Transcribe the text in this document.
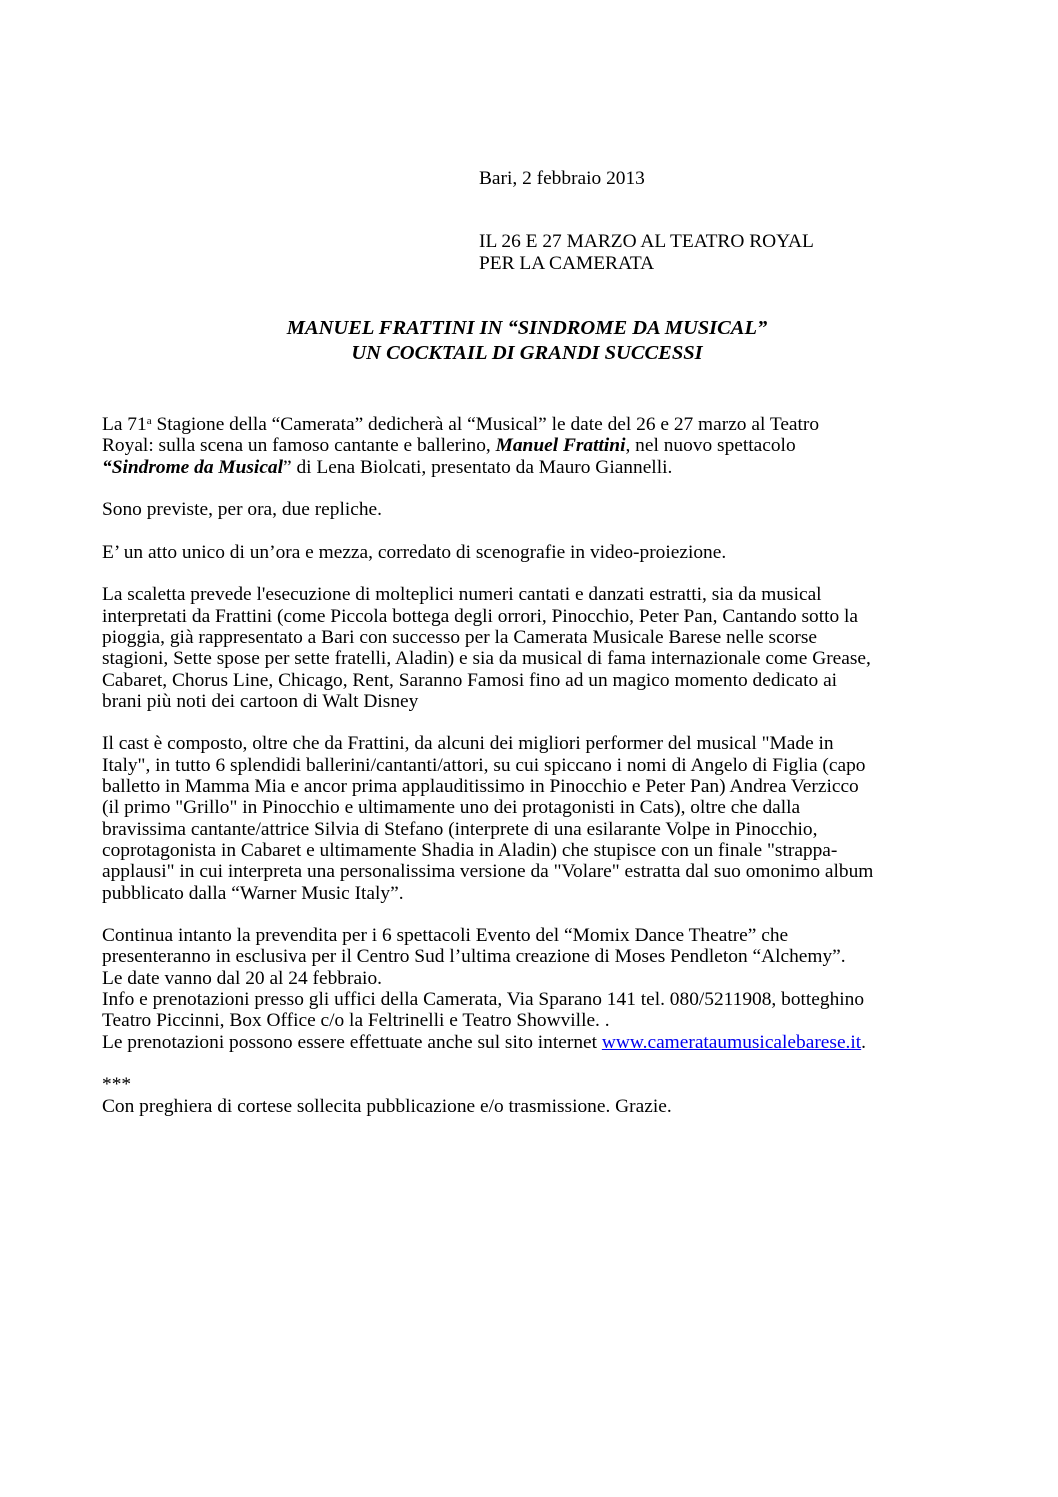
Bari, 2 febbraio 2013
IL 26 E 27 MARZO AL TEATRO ROYAL
PER LA CAMERATA
MANUEL FRATTINI IN “SINDROME DA MUSICAL”
UN COCKTAIL DI GRANDI SUCCESSI
La 71$^a$ Stagione della “Camerata” dedicherà al “Musical” le date del 26 e 27 marzo al Teatro
Royal: sulla scena un famoso cantante e ballerino, Manuel Frattini, nel nuovo spettacolo
“Sindrome da Musical” di Lena Biolcati, presentato da Mauro Giannelli.
Sono previste, per ora, due repliche.
E’ un atto unico di un’ora e mezza, corredato di scenografie in video-proiezione.
La scaletta prevede l'esecuzione di molteplici numeri cantati e danzati estratti, sia da musical
interpretati da Frattini (come Piccola bottega degli orrori, Pinocchio, Peter Pan, Cantando sotto la
pioggia, già rappresentato a Bari con successo per la Camerata Musicale Barese nelle scorse
stagioni, Sette spose per sette fratelli, Aladin) e sia da musical di fama internazionale come Grease,
Cabaret, Chorus Line, Chicago, Rent, Saranno Famosi fino ad un magico momento dedicato ai
brani più noti dei cartoon di Walt Disney
Il cast è composto, oltre che da Frattini, da alcuni dei migliori performer del musical "Made in
Italy", in tutto 6 splendidi ballerini/cantanti/attori, su cui spiccano i nomi di Angelo di Figlia (capo
balletto in Mamma Mia e ancor prima applauditissimo in Pinocchio e Peter Pan) Andrea Verzicco
(il primo "Grillo" in Pinocchio e ultimamente uno dei protagonisti in Cats), oltre che dalla
bravissima cantante/attrice Silvia di Stefano (interprete di una esilarante Volpe in Pinocchio,
coprotagonista in Cabaret e ultimamente Shadia in Aladin) che stupisce con un finale "strappa-
applausi" in cui interpreta una personalissima versione da "Volare" estratta dal suo omonimo album
pubblicato dalla “Warner Music Italy”.
Continua intanto la prevendita per i 6 spettacoli Evento del “Momix Dance Theatre” che
presenteranno in esclusiva per il Centro Sud l’ultima creazione di Moses Pendleton “Alchemy”.
Le date vanno dal 20 al 24 febbraio.
Info e prenotazioni presso gli uffici della Camerata, Via Sparano 141 tel. 080/5211908, botteghino
Teatro Piccinni, Box Office c/o la Feltrinelli e Teatro Showville. .
Le prenotazioni possono essere effettuate anche sul sito internet www.camerataumusicalebarese.it.
***
Con preghiera di cortese sollecita pubblicazione e/o trasmissione. Grazie.
